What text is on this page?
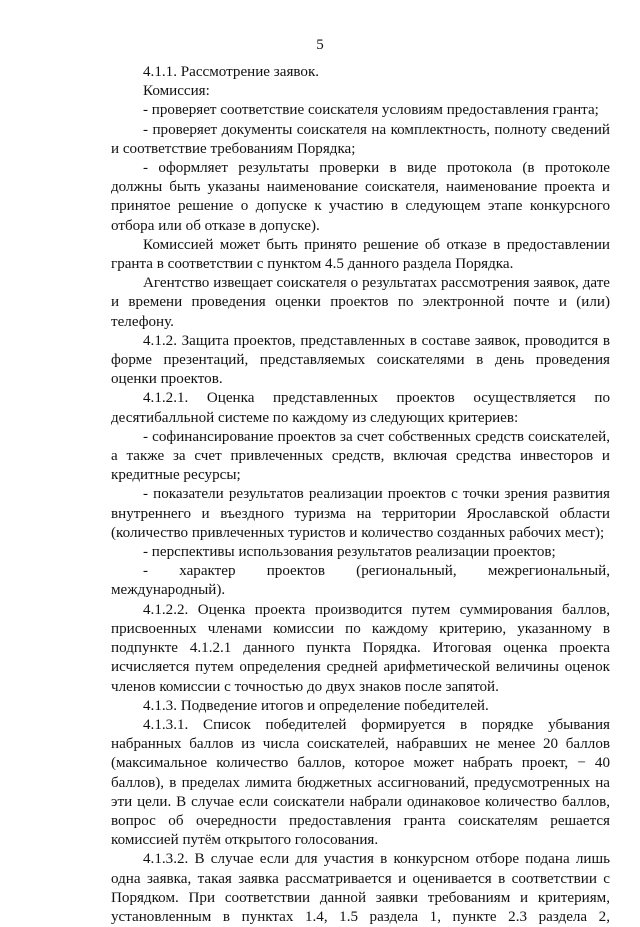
5

4.1.1. Рассмотрение заявок.

Комиссия:

- проверяет соответствие соискателя условиям предоставления гранта;

- проверяет документы соискателя на комплектность, полноту сведений и соответствие требованиям Порядка;

- оформляет результаты проверки в виде протокола (в протоколе должны быть указаны наименование соискателя, наименование проекта и принятое решение о допуске к участию в следующем этапе конкурсного отбора или об отказе в допуске).

Комиссией может быть принято решение об отказе в предоставлении гранта в соответствии с пунктом 4.5 данного раздела Порядка.

Агентство извещает соискателя о результатах рассмотрения заявок, дате и времени проведения оценки проектов по электронной почте и (или) телефону.

4.1.2. Защита проектов, представленных в составе заявок, проводится в форме презентаций, представляемых соискателями в день проведения оценки проектов.

4.1.2.1. Оценка представленных проектов осуществляется по десятибалльной системе по каждому из следующих критериев:

- софинансирование проектов за счет собственных средств соискателей, а также за счет привлеченных средств, включая средства инвесторов и кредитные ресурсы;

- показатели результатов реализации проектов с точки зрения развития внутреннего и въездного туризма на территории Ярославской области (количество привлеченных туристов и количество созданных рабочих мест);

- перспективы использования результатов реализации проектов;

- характер проектов (региональный, межрегиональный, международный).

4.1.2.2. Оценка проекта производится путем суммирования баллов, присвоенных членами комиссии по каждому критерию, указанному в подпункте 4.1.2.1 данного пункта Порядка. Итоговая оценка проекта исчисляется путем определения средней арифметической величины оценок членов комиссии с точностью до двух знаков после запятой.

4.1.3. Подведение итогов и определение победителей.

4.1.3.1. Список победителей формируется в порядке убывания набранных баллов из числа соискателей, набравших не менее 20 баллов (максимальное количество баллов, которое может набрать проект, − 40 баллов), в пределах лимита бюджетных ассигнований, предусмотренных на эти цели. В случае если соискатели набрали одинаковое количество баллов, вопрос об очередности предоставления гранта соискателям решается комиссией путём открытого голосования.

4.1.3.2. В случае если для участия в конкурсном отборе подана лишь одна заявка, такая заявка рассматривается и оценивается в соответствии с Порядком. При соответствии данной заявки требованиям и критериям, установленным в пунктах 1.4, 1.5 раздела 1, пункте 2.3 раздела 2,
